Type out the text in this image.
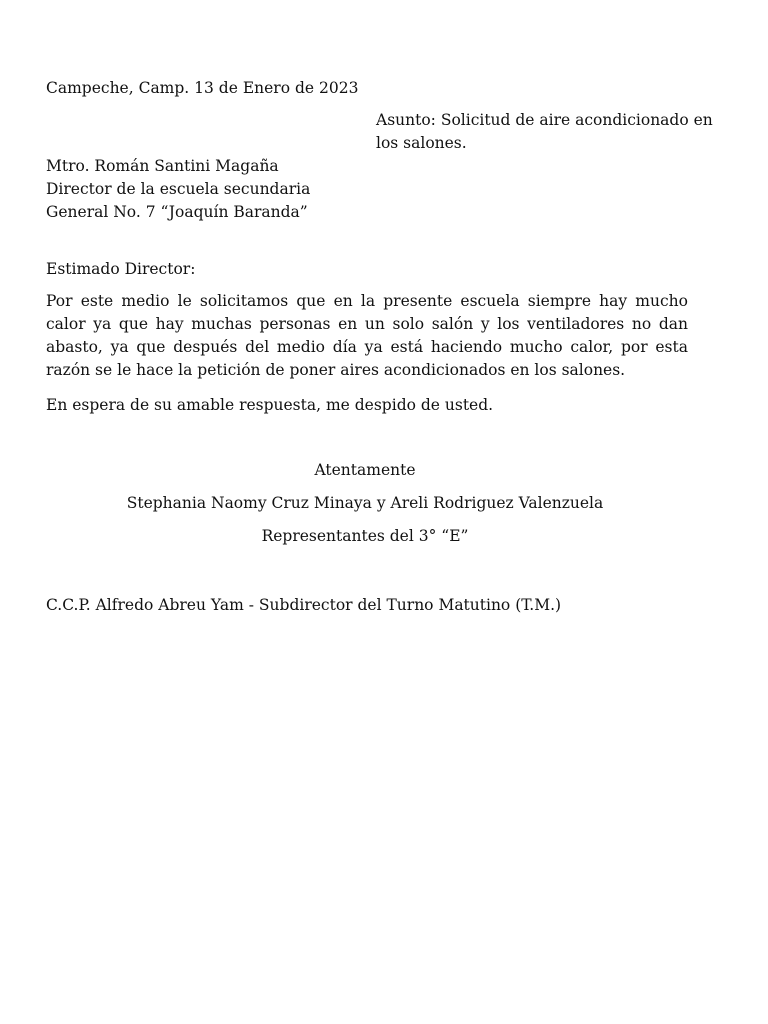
Campeche, Camp. 13 de Enero de 2023
Asunto: Solicitud de aire acondicionado en los salones.
Mtro. Román Santini Magaña
Director de la escuela secundaria
General No. 7 “Joaquín Baranda”
Estimado Director:
Por este medio le solicitamos que en la presente escuela siempre hay mucho calor ya que hay muchas personas en un solo salón y los ventiladores no dan abasto, ya que después del medio día ya está haciendo mucho calor, por esta razón se le hace la petición de poner aires acondicionados en los salones.
En espera de su amable respuesta, me despido de usted.
Atentamente
Stephania Naomy Cruz Minaya y Areli Rodriguez Valenzuela
Representantes del 3° “E”
C.C.P. Alfredo Abreu Yam - Subdirector del Turno Matutino (T.M.)
